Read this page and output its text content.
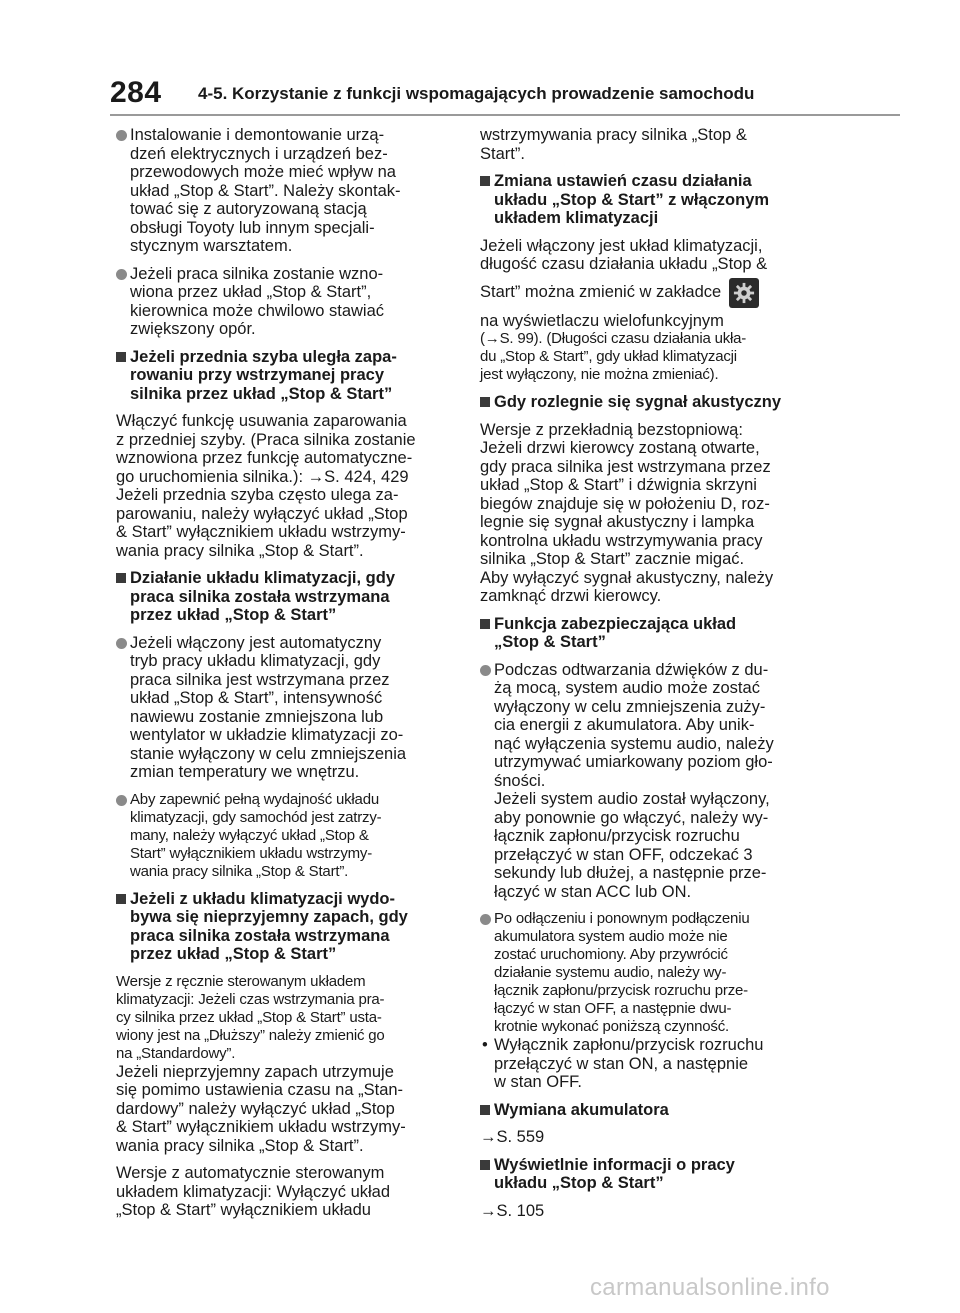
284 4-5. Korzystanie z funkcji wspomagających prowadzenie samochodu
Instalowanie i demontowanie urzą-
dzeń elektrycznych i urządzeń bez-
przewodowych może mieć wpływ na
układ „Stop & Start”. Należy skontak-
tować się z autoryzowaną stacją
obsługi Toyoty lub innym specjali-
stycznym warsztatem.
Jeżeli praca silnika zostanie wzno-
wiona przez układ „Stop & Start”,
kierownica może chwilowo stawiać
zwiększony opór.
Jeżeli przednia szyba uległa zapa-
rowaniu przy wstrzymanej pracy
silnika przez układ „Stop & Start”
Włączyć funkcję usuwania zaparowania
z przedniej szyby. (Praca silnika zostanie
wznowiona przez funkcję automatyczne-
go uruchomienia silnika.): →S. 424, 429
Jeżeli przednia szyba często ulega za-
parowaniu, należy wyłączyć układ „Stop
& Start” wyłącznikiem układu wstrzymy-
wania pracy silnika „Stop & Start”.
Działanie układu klimatyzacji, gdy
praca silnika została wstrzymana
przez układ „Stop & Start”
Jeżeli włączony jest automatyczny
tryb pracy układu klimatyzacji, gdy
praca silnika jest wstrzymana przez
układ „Stop & Start”, intensywność
nawiewu zostanie zmniejszona lub
wentylator w układzie klimatyzacji zo-
stanie wyłączony w celu zmniejszenia
zmian temperatury we wnętrzu.
Aby zapewnić pełną wydajność układu
klimatyzacji, gdy samochód jest zatrzy-
many, należy wyłączyć układ „Stop &
Start” wyłącznikiem układu wstrzymy-
wania pracy silnika „Stop & Start”.
Jeżeli z układu klimatyzacji wydo-
bywa się nieprzyjemny zapach, gdy
praca silnika została wstrzymana
przez układ „Stop & Start”
Wersje z ręcznie sterowanym układem
klimatyzacji: Jeżeli czas wstrzymania pra-
cy silnika przez układ „Stop & Start” usta-
wiony jest na „Dłuższy” należy zmienić go
na „Standardowy”.
Jeżeli nieprzyjemny zapach utrzymuje
się pomimo ustawienia czasu na „Stan-
dardowy” należy wyłączyć układ „Stop
& Start” wyłącznikiem układu wstrzymy-
wania pracy silnika „Stop & Start”.
Wersje z automatycznie sterowanym
układem klimatyzacji: Wyłączyć układ
„Stop & Start” wyłącznikiem układu
wstrzymywania pracy silnika „Stop &
Start”.
Zmiana ustawień czasu działania
układu „Stop & Start” z włączonym
układem klimatyzacji
Jeżeli włączony jest układ klimatyzacji,
długość czasu działania układu „Stop &
Start” można zmienić w zakładce
na wyświetlaczu wielofunkcyjnym
(→S. 99). (Długości czasu działania ukła-
du „Stop & Start”, gdy układ klimatyzacji
jest wyłączony, nie można zmieniać).
Gdy rozlegnie się sygnał akustyczny
Wersje z przekładnią bezstopniową:
Jeżeli drzwi kierowcy zostaną otwarte,
gdy praca silnika jest wstrzymana przez
układ „Stop & Start” i dźwignia skrzyni
biegów znajduje się w położeniu D, roz-
legnie się sygnał akustyczny i lampka
kontrolna układu wstrzymywania pracy
silnika „Stop & Start” zacznie migać.
Aby wyłączyć sygnał akustyczny, należy
zamknąć drzwi kierowcy.
Funkcja zabezpieczająca układ
„Stop & Start”
Podczas odtwarzania dźwięków z du-
żą mocą, system audio może zostać
wyłączony w celu zmniejszenia zuży-
cia energii z akumulatora. Aby unik-
nąć wyłączenia systemu audio, należy
utrzymywać umiarkowany poziom gło-
śności.
Jeżeli system audio został wyłączony,
aby ponownie go włączyć, należy wy-
łącznik zapłonu/przycisk rozruchu
przełączyć w stan OFF, odczekać 3
sekundy lub dłużej, a następnie prze-
łączyć w stan ACC lub ON.
Po odłączeniu i ponownym podłączeniu
akumulatora system audio może nie
zostać uruchomiony. Aby przywrócić
działanie systemu audio, należy wy-
łącznik zapłonu/przycisk rozruchu prze-
łączyć w stan OFF, a następnie dwu-
krotnie wykonać poniższą czynność.
• Wyłącznik zapłonu/przycisk rozruchu
przełączyć w stan ON, a następnie
w stan OFF.
Wymiana akumulatora
→S. 559
Wyświetlnie informacji o pracy
układu „Stop & Start”
→S. 105
carmanualsonline.info
